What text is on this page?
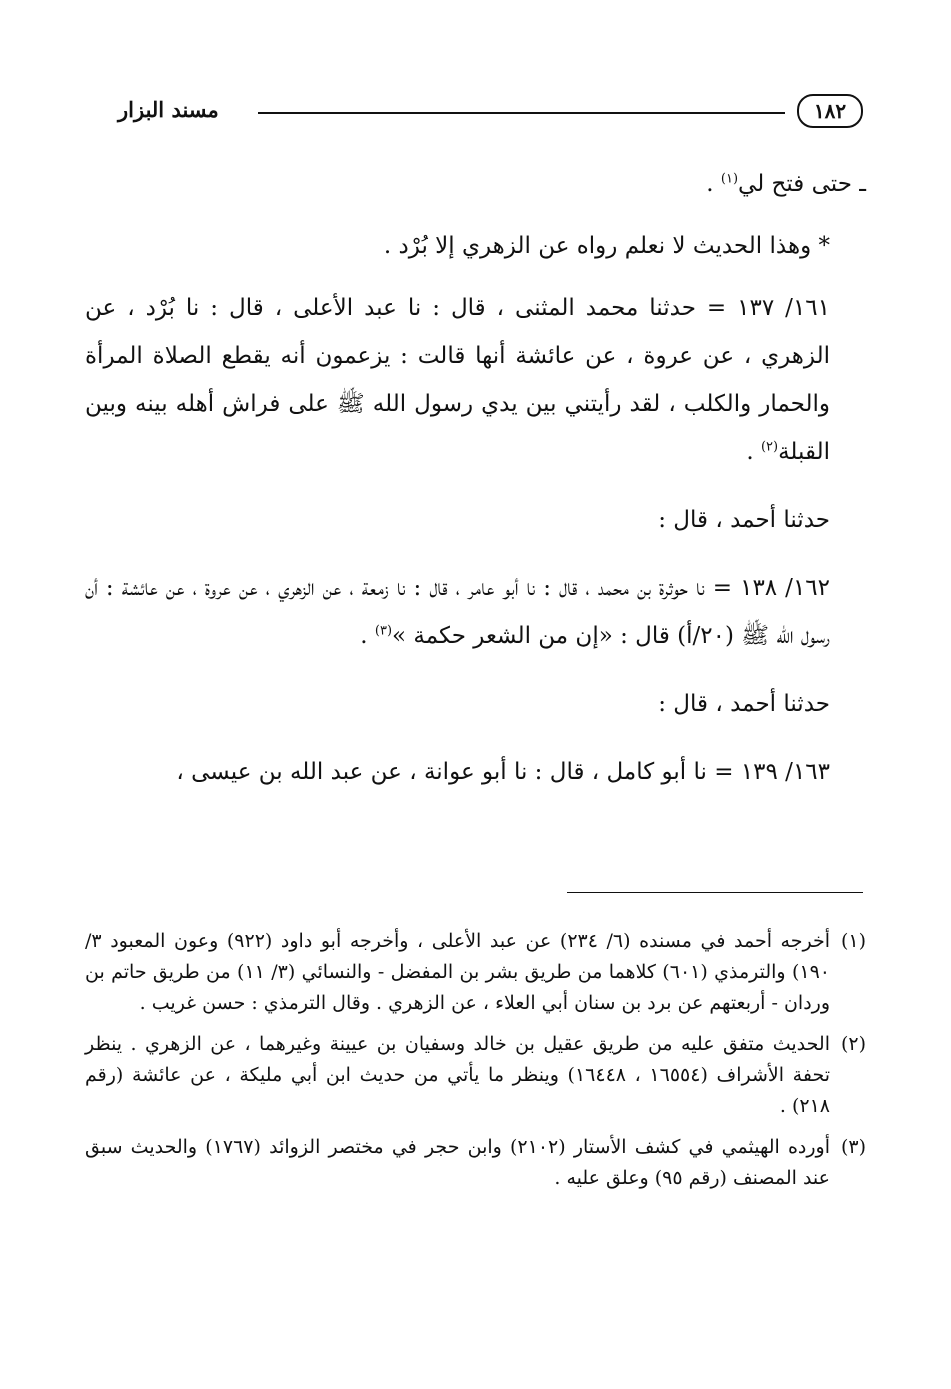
١٨٢
مسند البزار

ـ حتى فتح لي$^{(١)}$ .

* وهذا الحديث لا نعلم رواه عن الزهري إلا بُرْد .

١٦١/ ١٣٧ = حدثنا محمد المثنى ، قال : نا عبد الأعلى ، قال : نا بُرْد ، عن الزهري ، عن عروة ، عن عائشة أنها قالت : يزعمون أنه يقطع الصلاة المرأة والحمار والكلب ، لقد رأيتني بين يدي رسول الله ﷺ على فراش أهله بينه وبين القبلة$^{(٢)}$ .

حدثنا أحمد ، قال :

١٦٢/ ١٣٨ = نا حوثرة بن محمد ، قال : نا أبو عامر ، قال : نا زمعة ، عن الزهري ، عن عروة ، عن عائشة : أن رسول الله ﷺ (٢٠/أ) قال : «إن من الشعر حكمة »$^{(٣)}$ .

حدثنا أحمد ، قال :

١٦٣/ ١٣٩ = نا أبو كامل ، قال : نا أبو عوانة ، عن عبد الله بن عيسى ،

(١)أخرجه أحمد في مسنده (٦/ ٢٣٤) عن عبد الأعلى ، وأخرجه أبو داود (٩٢٢) وعون المعبود ٣/ ١٩٠) والترمذي (٦٠١) كلاهما من طريق بشر بن المفضل - والنسائي (٣/ ١١) من طريق حاتم بن وردان - أربعتهم عن برد بن سنان أبي العلاء ، عن الزهري . وقال الترمذي : حسن غريب .

(٢)الحديث متفق عليه من طريق عقيل بن خالد وسفيان بن عيينة وغيرهما ، عن الزهري . ينظر تحفة الأشراف (١٦٥٥٤ ، ١٦٤٤٨) وينظر ما يأتي من حديث ابن أبي مليكة ، عن عائشة (رقم ٢١٨) .

(٣)أورده الهيثمي في كشف الأستار (٢١٠٢) وابن حجر في مختصر الزوائد (١٧٦٧) والحديث سبق عند المصنف (رقم ٩٥) وعلق عليه .
